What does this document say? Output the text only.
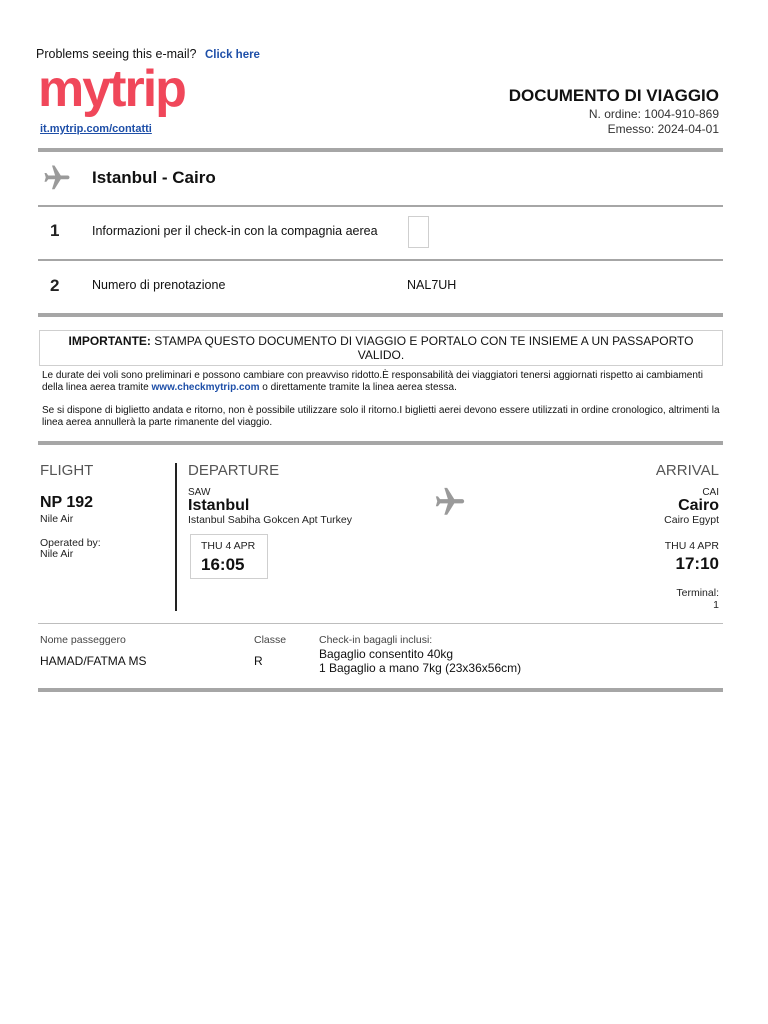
Problems seeing this e-mail? Click here
mytrip
it.mytrip.com/contatti
DOCUMENTO DI VIAGGIO
N. ordine: 1004-910-869
Emesso: 2024-04-01
Istanbul - Cairo
1	Informazioni per il check-in con la compagnia aerea
2	Numero di prenotazione	NAL7UH
IMPORTANTE: STAMPA QUESTO DOCUMENTO DI VIAGGIO E PORTALO CON TE INSIEME A UN PASSAPORTO VALIDO.
Le durate dei voli sono preliminari e possono cambiare con preavviso ridotto.È responsabilità dei viaggiatori tenersi aggiornati rispetto ai cambiamenti della linea aerea tramite www.checkmytrip.com o direttamente tramite la linea aerea stessa.
Se si dispone di biglietto andata e ritorno, non è possibile utilizzare solo il ritorno.I biglietti aerei devono essere utilizzati in ordine cronologico, altrimenti la linea aerea annullerà la parte rimanente del viaggio.
FLIGHT
NP 192
Nile Air
Operated by:
Nile Air
DEPARTURE
SAW
Istanbul
Istanbul Sabiha Gokcen Apt Turkey
THU 4 APR
16:05
ARRIVAL
CAI
Cairo
Cairo Egypt
THU 4 APR
17:10
Terminal:
1
Nome passeggero
HAMAD/FATMA MS
Classe
R
Check-in bagagli inclusi:
Bagaglio consentito 40kg
1 Bagaglio a mano 7kg (23x36x56cm)
